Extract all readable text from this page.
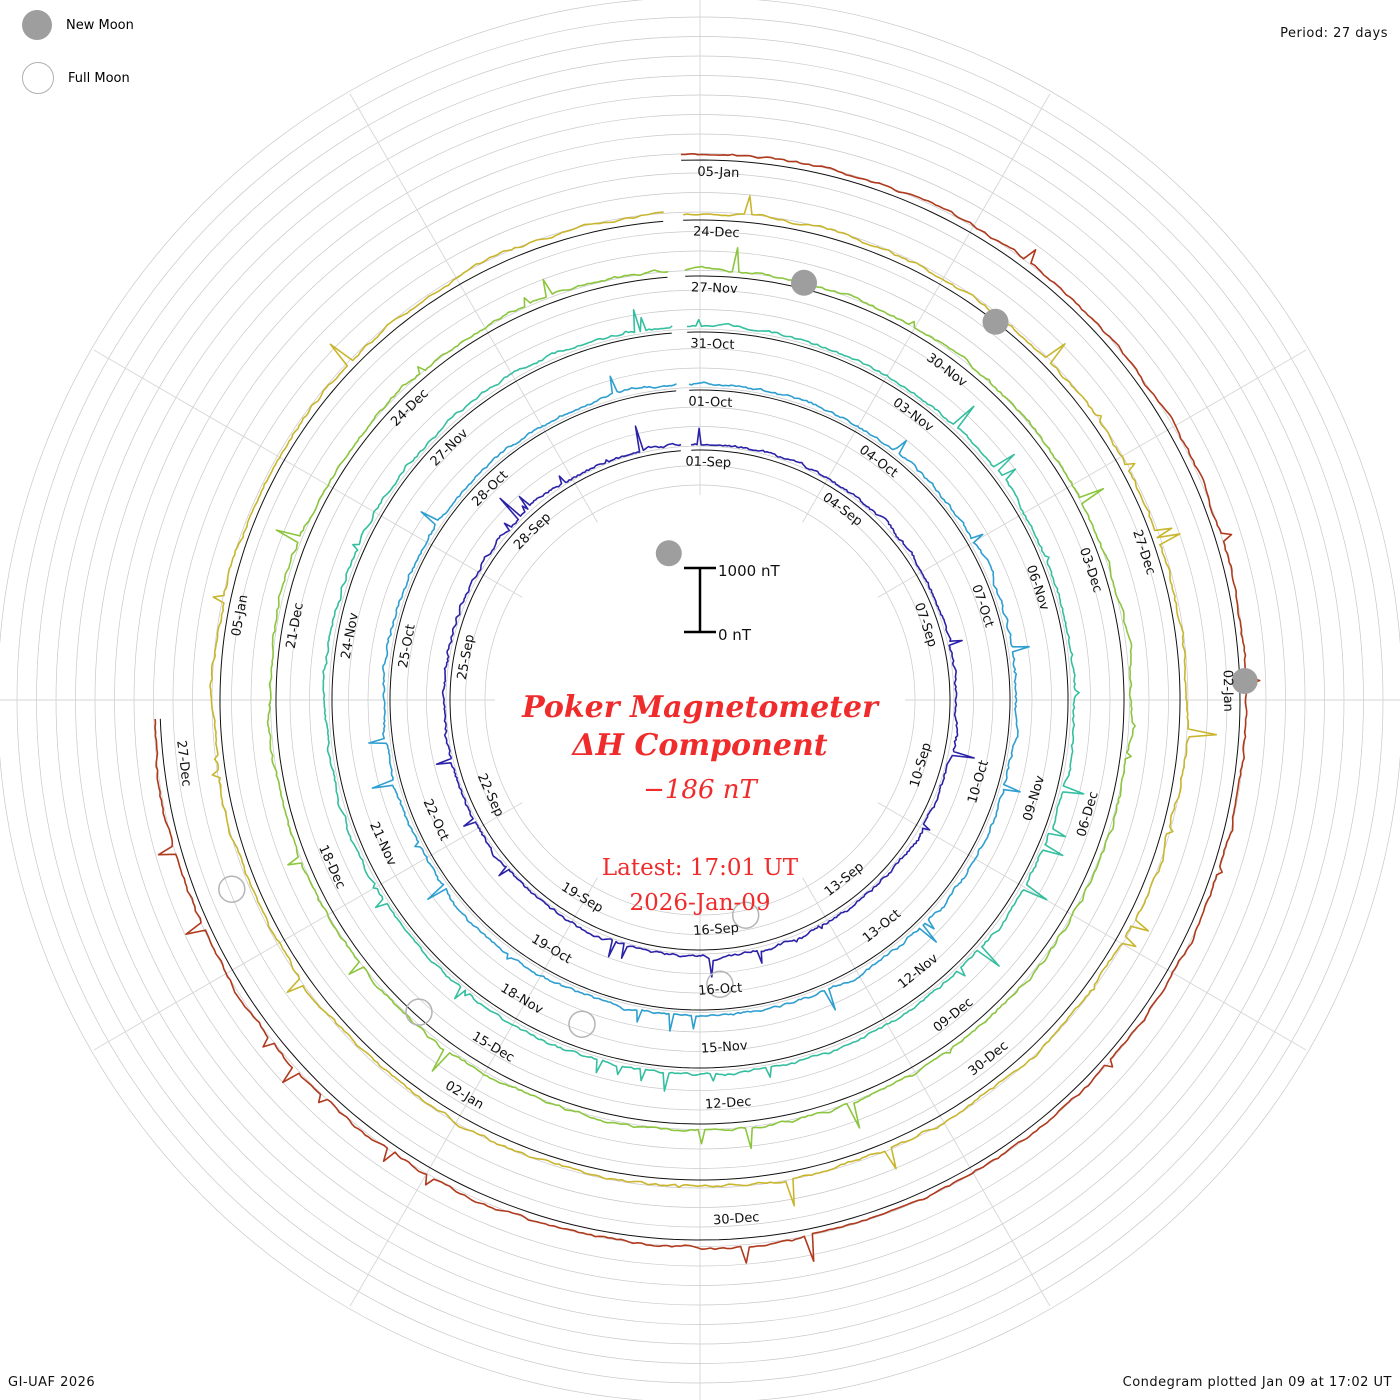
New Moon
Full Moon
Period: 27 days
GI-UAF 2026	Condegram plotted Jan 09 at 17:02 UT
01-Sep
04-Sep
07-Sep
10-Sep
13-Sep
16-Sep
19-Sep
22-Sep
25-Sep
28-Sep
01-Oct
04-Oct
07-Oct
10-Oct
13-Oct
16-Oct
19-Oct
22-Oct
25-Oct
28-Oct
31-Oct
03-Nov
06-Nov
09-Nov
12-Nov
15-Nov
18-Nov
21-Nov
24-Nov
27-Nov
27-Nov
30-Nov
03-Dec
06-Dec
09-Dec
12-Dec
15-Dec
18-Dec
21-Dec
24-Dec
24-Dec
27-Dec
30-Dec
02-Jan
05-Jan
05-Jan
02-Jan
30-Dec
27-Dec
1000 nT
0 nT
Poker Magnetometer
ΔH Component
−186 nT
Latest: 17:01 UT
2026-Jan-09
